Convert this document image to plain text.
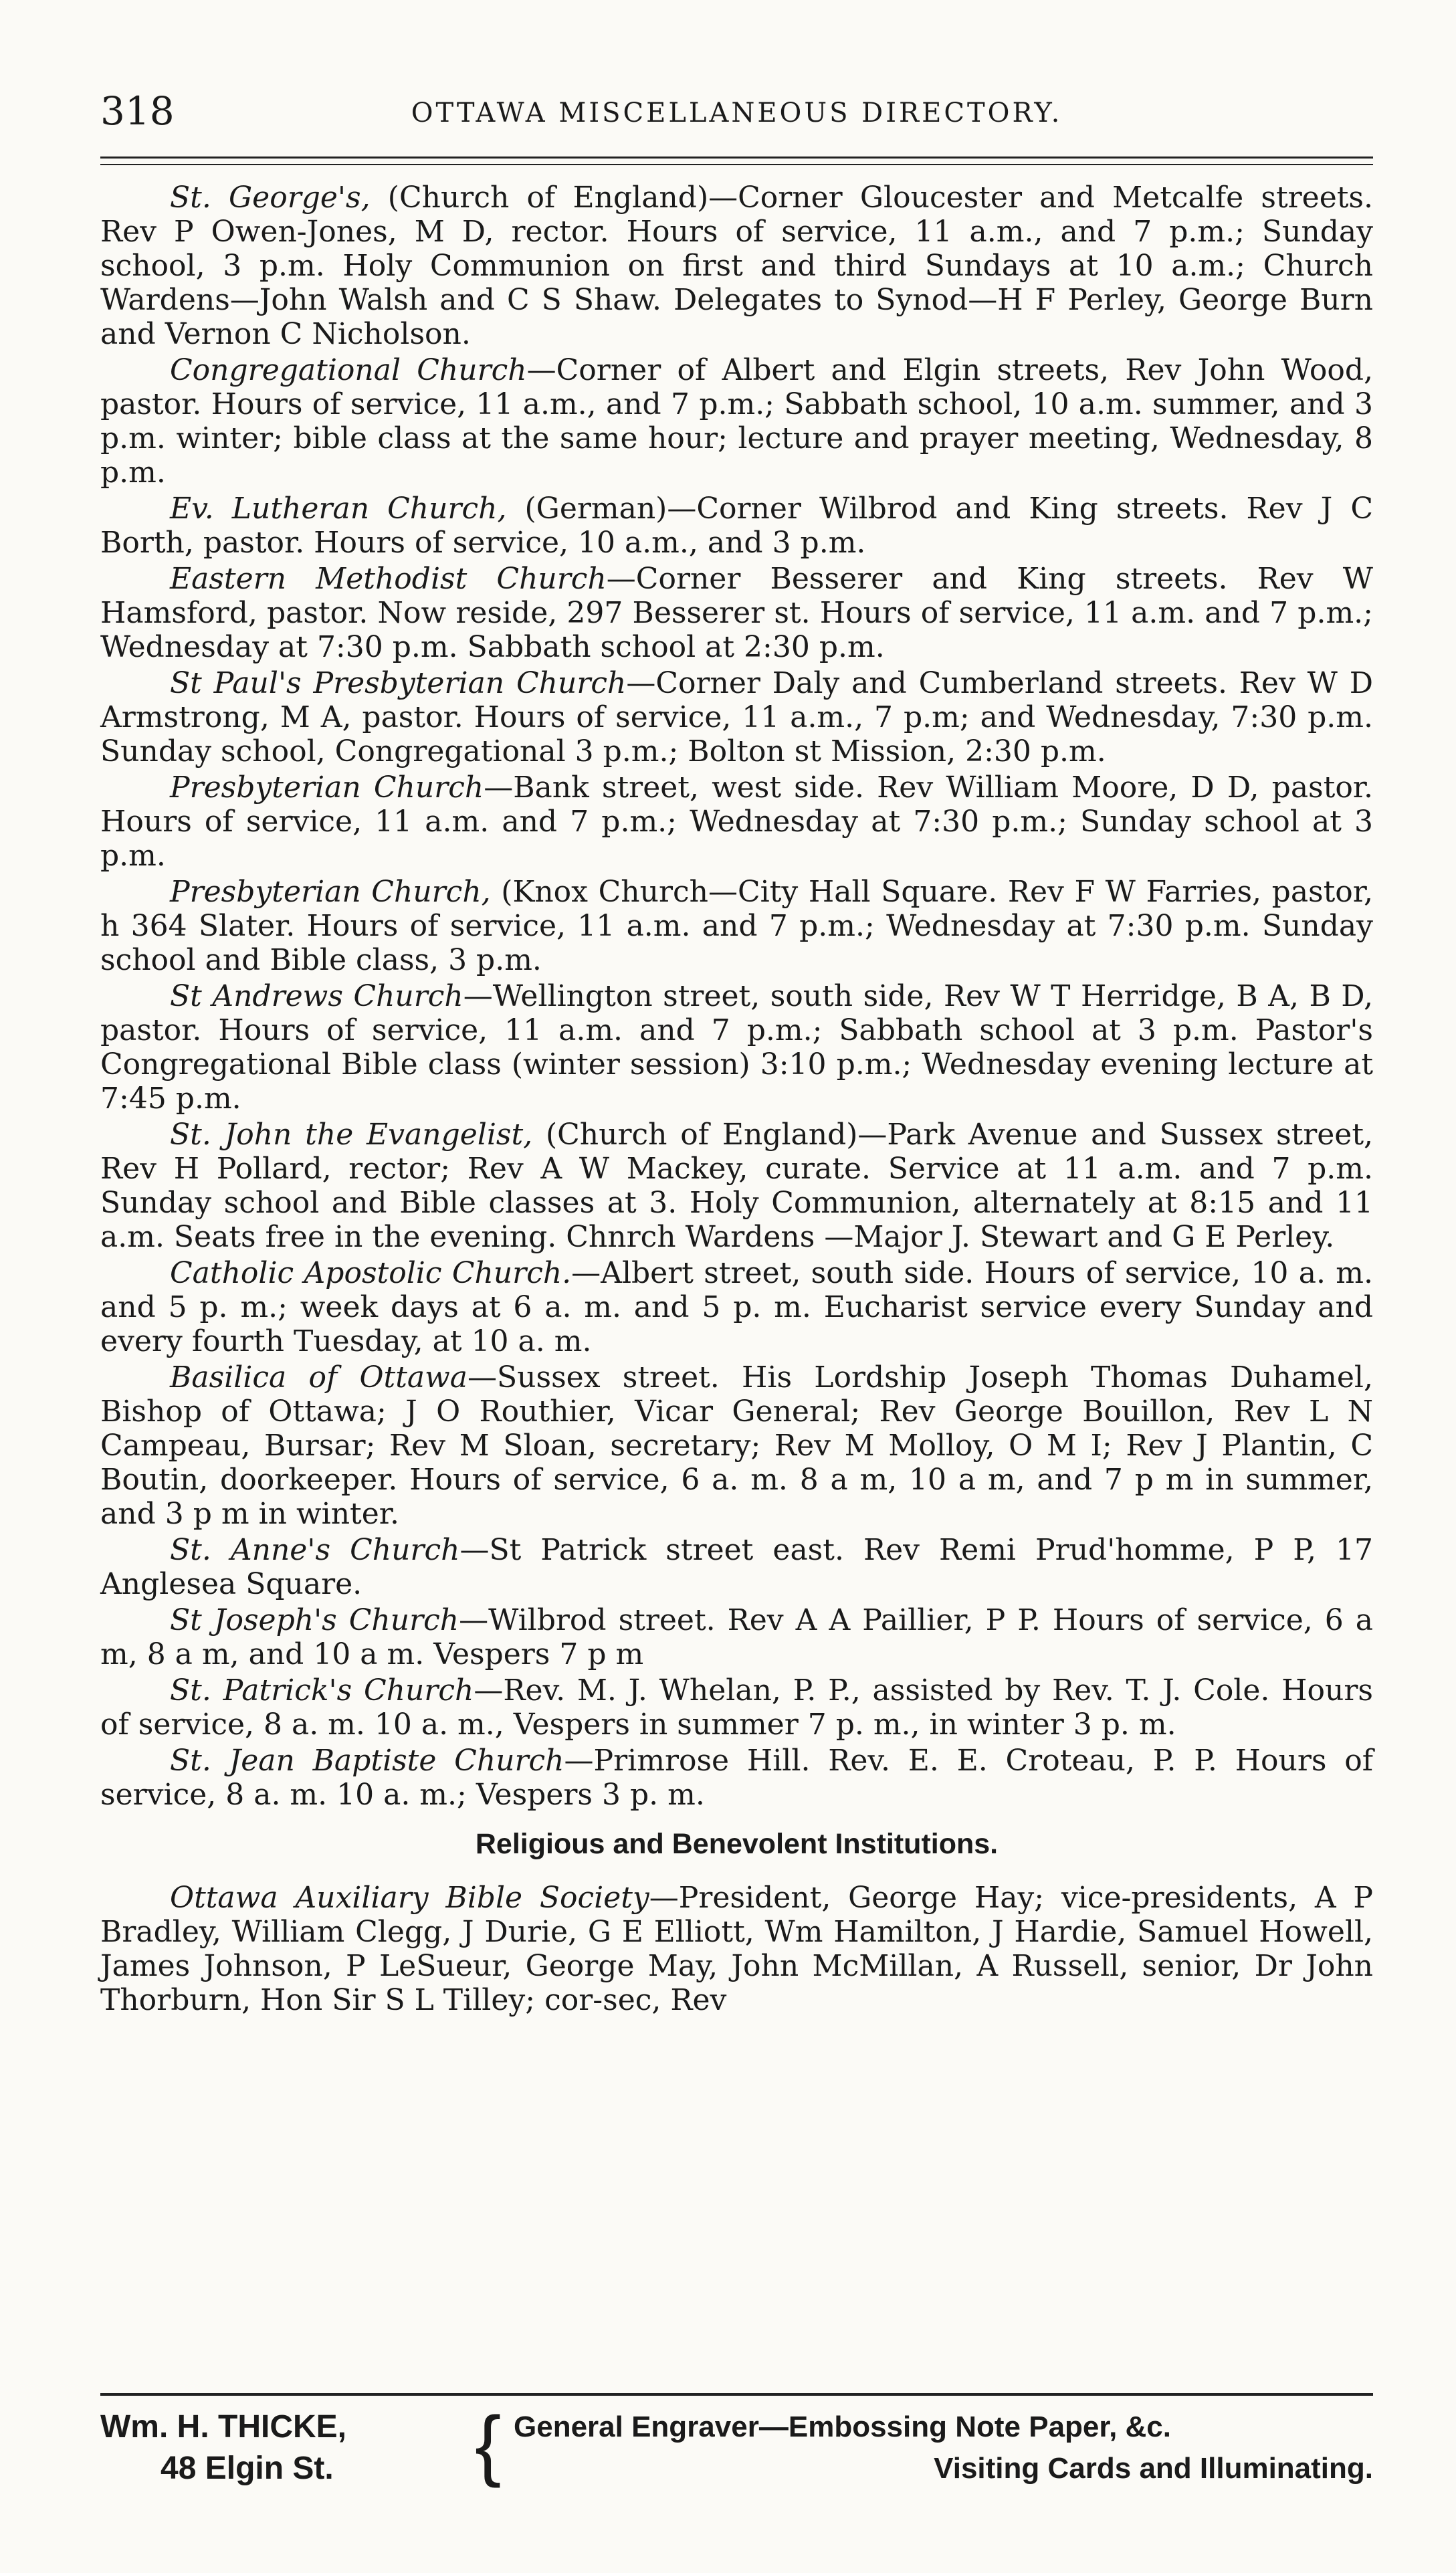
318	OTTAWA MISCELLANEOUS DIRECTORY.

St. George's, (Church of England)—Corner Gloucester and Metcalfe streets. Rev P Owen-Jones, M D, rector. Hours of service, 11 a.m., and 7 p.m.; Sunday school, 3 p.m. Holy Communion on first and third Sundays at 10 a.m.; Church Wardens—John Walsh and C S Shaw. Delegates to Synod—H F Perley, George Burn and Vernon C Nicholson.

Congregational Church—Corner of Albert and Elgin streets, Rev John Wood, pastor. Hours of service, 11 a.m., and 7 p.m.; Sabbath school, 10 a.m. summer, and 3 p.m. winter; bible class at the same hour; lecture and prayer meeting, Wednesday, 8 p.m.

Ev. Lutheran Church, (German)—Corner Wilbrod and King streets. Rev J C Borth, pastor. Hours of service, 10 a.m., and 3 p.m.

Eastern Methodist Church—Corner Besserer and King streets. Rev W Hamsford, pastor. Now reside, 297 Besserer st. Hours of service, 11 a.m. and 7 p.m.; Wednesday at 7:30 p.m. Sabbath school at 2:30 p.m.

St Paul's Presbyterian Church—Corner Daly and Cumberland streets. Rev W D Armstrong, M A, pastor. Hours of service, 11 a.m., 7 p.m; and Wednesday, 7:30 p.m. Sunday school, Congregational 3 p.m.; Bolton st Mission, 2:30 p.m.

Presbyterian Church—Bank street, west side. Rev William Moore, D D, pastor. Hours of service, 11 a.m. and 7 p.m.; Wednesday at 7:30 p.m.; Sunday school at 3 p.m.

Presbyterian Church, (Knox Church—City Hall Square. Rev F W Farries, pastor, h 364 Slater. Hours of service, 11 a.m. and 7 p.m.; Wednesday at 7:30 p.m. Sunday school and Bible class, 3 p.m.

St Andrews Church—Wellington street, south side, Rev W T Herridge, B A, B D, pastor. Hours of service, 11 a.m. and 7 p.m.; Sabbath school at 3 p.m. Pastor's Congregational Bible class (winter session) 3:10 p.m.; Wednesday evening lecture at 7:45 p.m.

St. John the Evangelist, (Church of England)—Park Avenue and Sussex street, Rev H Pollard, rector; Rev A W Mackey, curate. Service at 11 a.m. and 7 p.m. Sunday school and Bible classes at 3. Holy Communion, alternately at 8:15 and 11 a.m. Seats free in the evening. Chnrch Wardens —Major J. Stewart and G E Perley.

Catholic Apostolic Church.—Albert street, south side. Hours of service, 10 a. m. and 5 p. m.; week days at 6 a. m. and 5 p. m. Eucharist service every Sunday and every fourth Tuesday, at 10 a. m.

Basilica of Ottawa—Sussex street. His Lordship Joseph Thomas Duhamel, Bishop of Ottawa; J O Routhier, Vicar General; Rev George Bouillon, Rev L N Campeau, Bursar; Rev M Sloan, secretary; Rev M Molloy, O M I; Rev J Plantin, C Boutin, doorkeeper. Hours of service, 6 a. m. 8 a m, 10 a m, and 7 p m in summer, and 3 p m in winter.

St. Anne's Church—St Patrick street east. Rev Remi Prud'homme, P P, 17 Anglesea Square.

St Joseph's Church—Wilbrod street. Rev A A Paillier, P P. Hours of service, 6 a m, 8 a m, and 10 a m. Vespers 7 p m

St. Patrick's Church—Rev. M. J. Whelan, P. P., assisted by Rev. T. J. Cole. Hours of service, 8 a. m. 10 a. m., Vespers in summer 7 p. m., in winter 3 p. m.

St. Jean Baptiste Church—Primrose Hill. Rev. E. E. Croteau, P. P. Hours of service, 8 a. m. 10 a. m.; Vespers 3 p. m.

Religious and Benevolent Institutions.

Ottawa Auxiliary Bible Society—President, George Hay; vice-presidents, A P Bradley, William Clegg, J Durie, G E Elliott, Wm Hamilton, J Hardie, Samuel Howell, James Johnson, P LeSueur, George May, John McMillan, A Russell, senior, Dr John Thorburn, Hon Sir S L Tilley; cor-sec, Rev

Wm. H. THICKE,
48 Elgin St. { General Engraver—Embossing Note Paper, &c.
Visiting Cards and Illuminating.
